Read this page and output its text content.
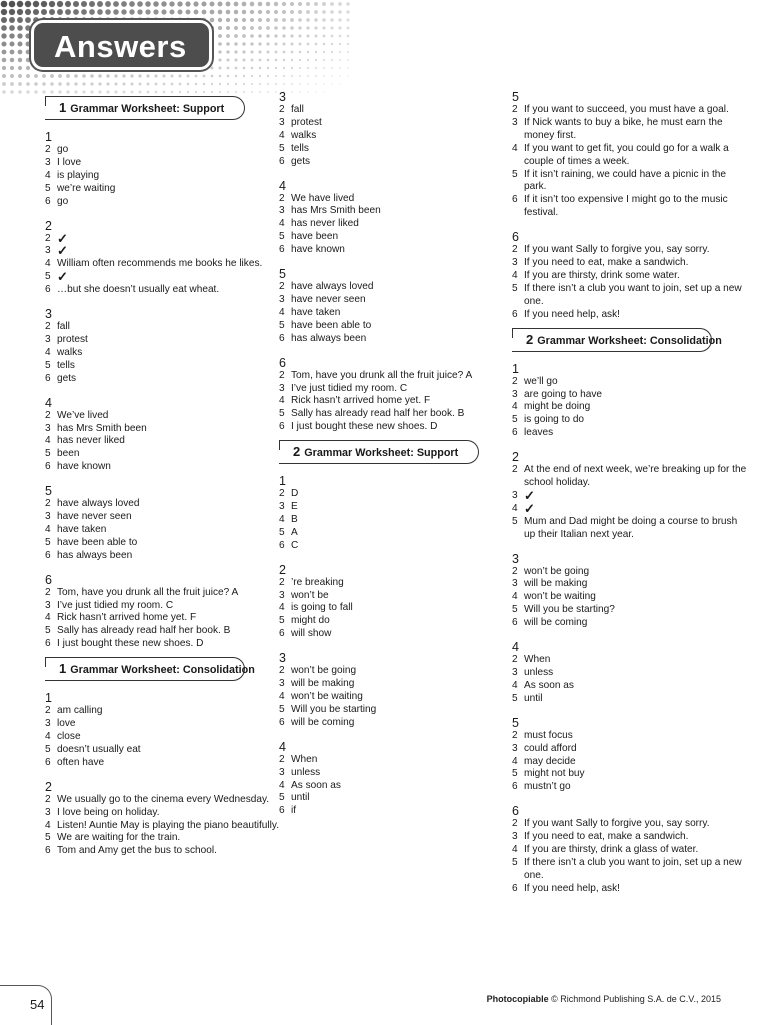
Answers
1 Grammar Worksheet: Support
1
2 go
3 I love
4 is playing
5 we’re waiting
6 go
2
2 ✓
3 ✓
4 William often recommends me books he likes.
5 ✓
6 …but she doesn’t usually eat wheat.
3
2 fall
3 protest
4 walks
5 tells
6 gets
4
2 We’ve lived
3 has Mrs Smith been
4 has never liked
5 been
6 have known
5
2 have always loved
3 have never seen
4 have taken
5 have been able to
6 has always been
6
2 Tom, have you drunk all the fruit juice? A
3 I’ve just tidied my room. C
4 Rick hasn’t arrived home yet. F
5 Sally has already read half her book. B
6 I just bought these new shoes. D
1 Grammar Worksheet: Consolidation
1
2 am calling
3 love
4 close
5 doesn’t usually eat
6 often have
2
2 We usually go to the cinema every Wednesday.
3 I love being on holiday.
4 Listen! Auntie May is playing the piano beautifully.
5 We are waiting for the train.
6 Tom and Amy get the bus to school.
3
2 fall
3 protest
4 walks
5 tells
6 gets
4
2 We have lived
3 has Mrs Smith been
4 has never liked
5 have been
6 have known
5
2 have always loved
3 have never seen
4 have taken
5 have been able to
6 has always been
6
2 Tom, have you drunk all the fruit juice? A
3 I’ve just tidied my room. C
4 Rick hasn’t arrived home yet. F
5 Sally has already read half her book. B
6 I just bought these new shoes. D
2 Grammar Worksheet: Support
1
2 D
3 E
4 B
5 A
6 C
2
2 ’re breaking
3 won’t be
4 is going to fall
5 might do
6 will show
3
2 won’t be going
3 will be making
4 won’t be waiting
5 Will you be starting
6 will be coming
4
2 When
3 unless
4 As soon as
5 until
6 if
5
2 If you want to succeed, you must have a goal.
3 If Nick wants to buy a bike, he must earn the money first.
4 If you want to get fit, you could go for a walk a couple of times a week.
5 If it isn’t raining, we could have a picnic in the park.
6 If it isn’t too expensive I might go to the music festival.
6
2 If you want Sally to forgive you, say sorry.
3 If you need to eat, make a sandwich.
4 If you are thirsty, drink some water.
5 If there isn’t a club you want to join, set up a new one.
6 If you need help, ask!
2 Grammar Worksheet: Consolidation
1
2 we’ll go
3 are going to have
4 might be doing
5 is going to do
6 leaves
2
2 At the end of next week, we’re breaking up for the school holiday.
3 ✓
4 ✓
5 Mum and Dad might be doing a course to brush up their Italian next year.
3
2 won’t be going
3 will be making
4 won’t be waiting
5 Will you be starting?
6 will be coming
4
2 When
3 unless
4 As soon as
5 until
5
2 must focus
3 could afford
4 may decide
5 might not buy
6 mustn’t go
6
2 If you want Sally to forgive you, say sorry.
3 If you need to eat, make a sandwich.
4 If you are thirsty, drink a glass of water.
5 If there isn’t a club you want to join, set up a new one.
6 If you need help, ask!
54	Photocopiable © Richmond Publishing S.A. de C.V., 2015
